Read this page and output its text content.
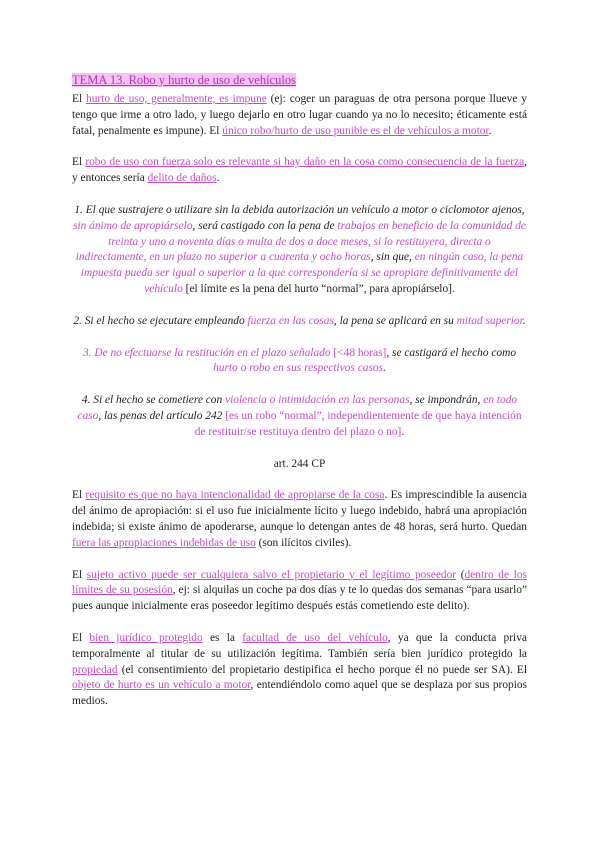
TEMA 13. Robo y hurto de uso de vehículos

El hurto de uso, generalmente, es impune (ej: coger un paraguas de otra persona porque llueve y tengo que irme a otro lado, y luego dejarlo en otro lugar cuando ya no lo necesito; éticamente está fatal, penalmente es impune). El único robo/hurto de uso punible es el de vehículos a motor.

El robo de uso con fuerza solo es relevante si hay daño en la cosa como consecuencia de la fuerza, y entonces sería delito de daños.

1. El que sustrajere o utilizare sin la debida autorización un vehículo a motor o ciclomotor ajenos, sin ánimo de apropiárselo, será castigado con la pena de trabajos en beneficio de la comunidad de treinta y uno a noventa días o multa de dos a doce meses, si lo restituyera, directa o indirectamente, en un plazo no superior a cuarenta y ocho horas, sin que, en ningún caso, la pena impuesta pueda ser igual o superior a la que correspondería si se apropiare definitivamente del vehículo [el límite es la pena del hurto “normal”, para apropiárselo].

2. Si el hecho se ejecutare empleando fuerza en las cosas, la pena se aplicará en su mitad superior.

3. De no efectuarse la restitución en el plazo señalado [<48 horas], se castigará el hecho como hurto o robo en sus respectivos casos.

4. Si el hecho se cometiere con violencia o intimidación en las personas, se impondrán, en todo caso, las penas del artículo 242 [es un robo “normal”, independientemente de que haya intención de restituir/se restituya dentro del plazo o no].

art. 244 CP

El requisito es que no haya intencionalidad de apropiarse de la cosa. Es imprescindible la ausencia del ánimo de apropiación: si el uso fue inicialmente lícito y luego indebido, habrá una apropiación indebida; si existe ánimo de apoderarse, aunque lo detengan antes de 48 horas, será hurto. Quedan fuera las apropiaciones indebidas de uso (son ilícitos civiles).

El sujeto activo puede ser cualquiera salvo el propietario y el legítimo poseedor (dentro de los límites de su posesión, ej: si alquilas un coche pa dos días y te lo quedas dos semanas “para usarlo” pues aunque inicialmente eras poseedor legítimo después estás cometiendo este delito).

El bien jurídico protegido es la facultad de uso del vehículo, ya que la conducta priva temporalmente al titular de su utilización legítima. También sería bien jurídico protegido la propiedad (el consentimiento del propietario destipifica el hecho porque él no puede ser SA). El objeto de hurto es un vehículo a motor, entendiéndolo como aquel que se desplaza por sus propios medios.
